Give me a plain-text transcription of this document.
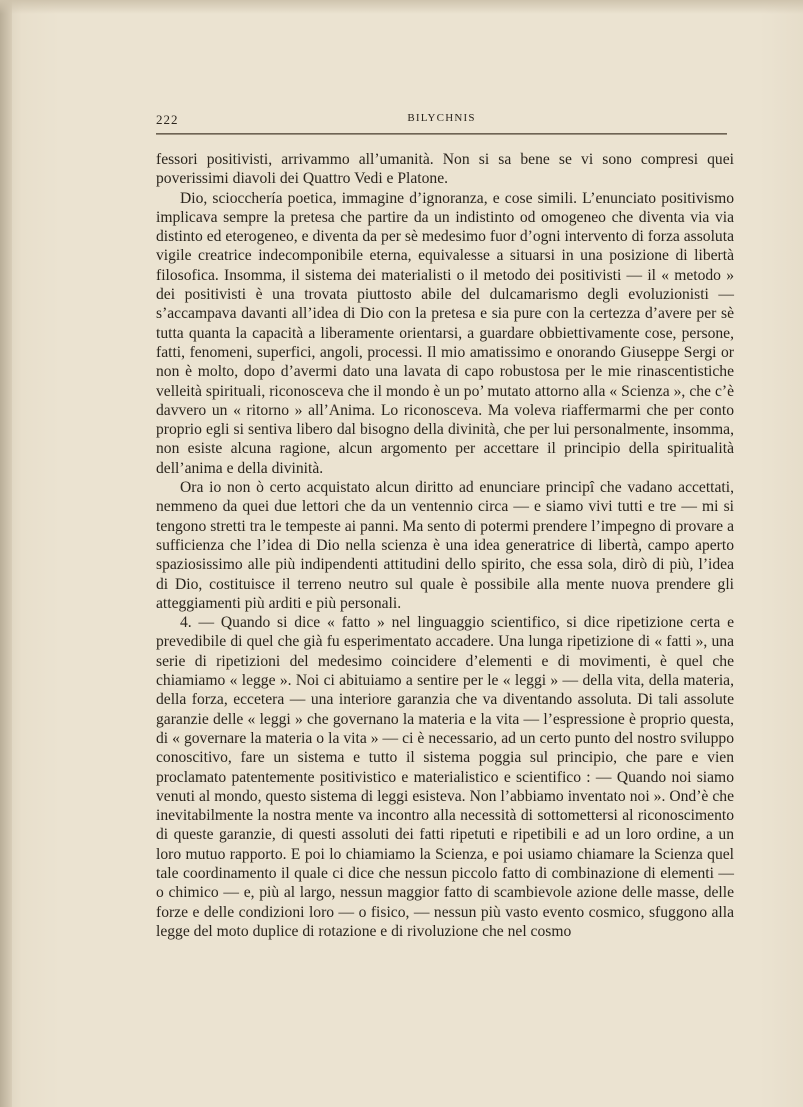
222	BILYCHNIS

fessori positivisti, arrivammo all’umanità. Non si sa bene se vi sono compresi quei poverissimi diavoli dei Quattro Vedi e Platone.

Dio, sciocchería poetica, immagine d’ignoranza, e cose simili. L’enunciato positivismo implicava sempre la pretesa che partire da un indistinto od omogeneo che diventa via via distinto ed eterogeneo, e diventa da per sè medesimo fuor d’ogni intervento di forza assoluta vigile creatrice indecomponibile eterna, equivalesse a situarsi in una posizione di libertà filosofica. Insomma, il sistema dei materialisti o il metodo dei positivisti — il « metodo » dei positivisti è una trovata piuttosto abile del dulcamarismo degli evoluzionisti — s’accampava davanti all’idea di Dio con la pretesa e sia pure con la certezza d’avere per sè tutta quanta la capacità a liberamente orientarsi, a guardare obbiettivamente cose, persone, fatti, fenomeni, superfici, angoli, processi. Il mio amatissimo e onorando Giuseppe Sergi or non è molto, dopo d’avermi dato una lavata di capo robustosa per le mie rinascentistiche velleità spirituali, riconosceva che il mondo è un po’ mutato attorno alla « Scienza », che c’è davvero un « ritorno » all’Anima. Lo riconosceva. Ma voleva riaffermarmi che per conto proprio egli si sentiva libero dal bisogno della divinità, che per lui personalmente, insomma, non esiste alcuna ragione, alcun argomento per accettare il principio della spiritualità dell’anima e della divinità.

Ora io non ò certo acquistato alcun diritto ad enunciare principî che vadano accettati, nemmeno da quei due lettori che da un ventennio circa — e siamo vivi tutti e tre — mi si tengono stretti tra le tempeste ai panni. Ma sento di potermi prendere l’impegno di provare a sufficienza che l’idea di Dio nella scienza è una idea generatrice di libertà, campo aperto spaziosissimo alle più indipendenti attitudini dello spirito, che essa sola, dirò di più, l’idea di Dio, costituisce il terreno neutro sul quale è possibile alla mente nuova prendere gli atteggiamenti più arditi e più personali.

4. — Quando si dice « fatto » nel linguaggio scientifico, si dice ripetizione certa e prevedibile di quel che già fu esperimentato accadere. Una lunga ripetizione di « fatti », una serie di ripetizioni del medesimo coincidere d’elementi e di movimenti, è quel che chiamiamo « legge ». Noi ci abituiamo a sentire per le « leggi » — della vita, della materia, della forza, eccetera — una interiore garanzia che va diventando assoluta. Di tali assolute garanzie delle « leggi » che governano la materia e la vita — l’espressione è proprio questa, di « governare la materia o la vita » — ci è necessario, ad un certo punto del nostro sviluppo conoscitivo, fare un sistema e tutto il sistema poggia sul principio, che pare e vien proclamato patentemente positivistico e materialistico e scientifico : — Quando noi siamo venuti al mondo, questo sistema di leggi esisteva. Non l’abbiamo inventato noi ». Ond’è che inevitabilmente la nostra mente va incontro alla necessità di sottomettersi al riconoscimento di queste garanzie, di questi assoluti dei fatti ripetuti e ripetibili e ad un loro ordine, a un loro mutuo rapporto. E poi lo chiamiamo la Scienza, e poi usiamo chiamare la Scienza quel tale coordinamento il quale ci dice che nessun piccolo fatto di combinazione di elementi — o chimico — e, più al largo, nessun maggior fatto di scambievole azione delle masse, delle forze e delle condizioni loro — o fisico, — nessun più vasto evento cosmico, sfuggono alla legge del moto duplice di rotazione e di rivoluzione che nel cosmo
